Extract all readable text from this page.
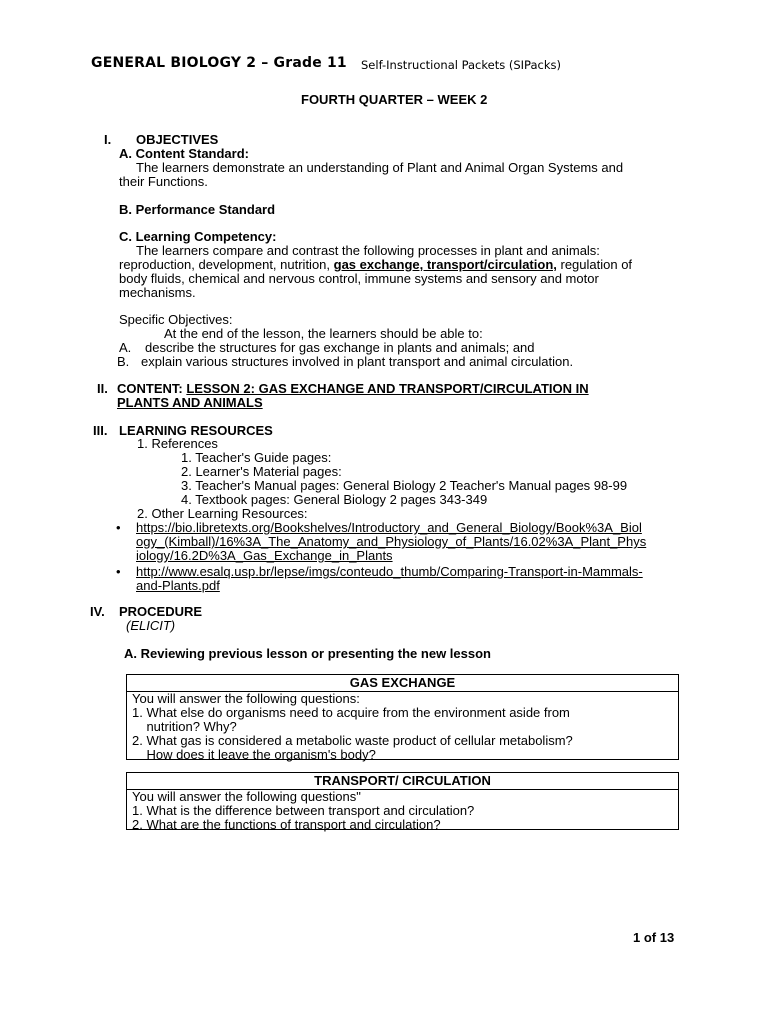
GENERAL BIOLOGY 2 – Grade 11 Self-Instructional Packets (SIPacks)
FOURTH QUARTER – WEEK 2
I. OBJECTIVES
A. Content Standard:
The learners demonstrate an understanding of Plant and Animal Organ Systems and
their Functions.
B. Performance Standard
C. Learning Competency:
The learners compare and contrast the following processes in plant and animals:
reproduction, development, nutrition, gas exchange, transport/circulation, regulation of
body fluids, chemical and nervous control, immune systems and sensory and motor
mechanisms.
Specific Objectives:
At the end of the lesson, the learners should be able to:
A. describe the structures for gas exchange in plants and animals; and
B. explain various structures involved in plant transport and animal circulation.
II. CONTENT: LESSON 2: GAS EXCHANGE AND TRANSPORT/CIRCULATION IN
PLANTS AND ANIMALS
III. LEARNING RESOURCES
1. References
1. Teacher's Guide pages:
2. Learner's Material pages:
3. Teacher's Manual pages: General Biology 2 Teacher's Manual pages 98-99
4. Textbook pages: General Biology 2 pages 343-349
2. Other Learning Resources:
• https://bio.libretexts.org/Bookshelves/Introductory_and_General_Biology/Book%3A_Biol
ogy_(Kimball)/16%3A_The_Anatomy_and_Physiology_of_Plants/16.02%3A_Plant_Phys
iology/16.2D%3A_Gas_Exchange_in_Plants
• http://www.esalq.usp.br/lepse/imgs/conteudo_thumb/Comparing-Transport-in-Mammals-
and-Plants.pdf
IV. PROCEDURE
(ELICIT)
A. Reviewing previous lesson or presenting the new lesson
GAS EXCHANGE
You will answer the following questions:
1. What else do organisms need to acquire from the environment aside from
nutrition? Why?
2. What gas is considered a metabolic waste product of cellular metabolism?
How does it leave the organism's body?
TRANSPORT/ CIRCULATION
You will answer the following questions"
1. What is the difference between transport and circulation?
2. What are the functions of transport and circulation?
1 of 13
